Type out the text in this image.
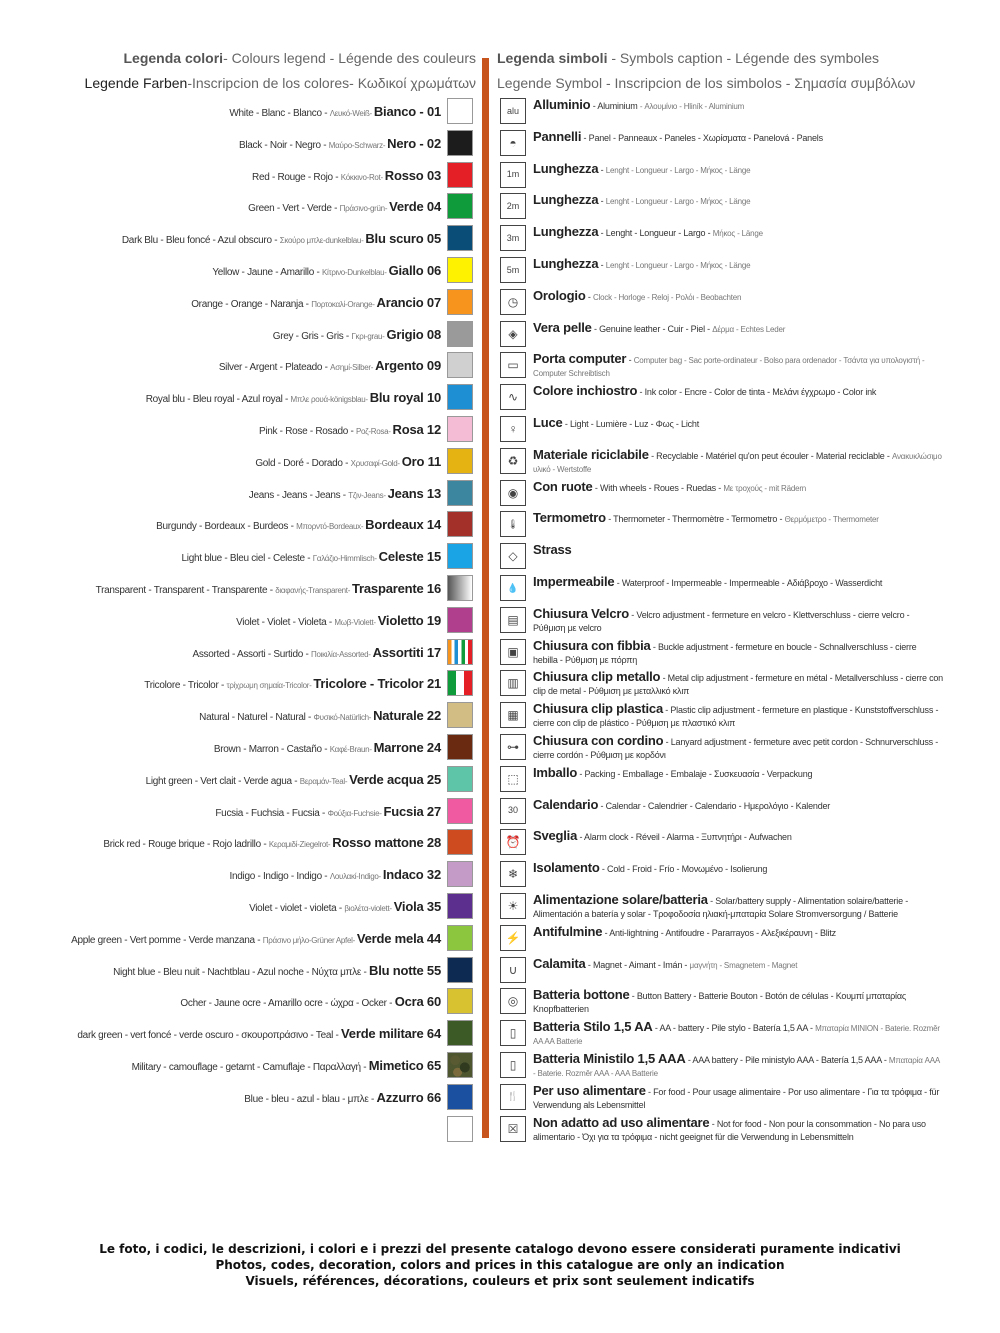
Legenda colori- Colours legend - Légende des couleurs
Legende Farben-Inscripcion de los colores- Κωδικοί χρωμάτων
Legenda simboli - Symbols caption - Légende des symboles
Legende Symbol - Inscripcion de los simbolos - Σημασία συμβόλων
White - Blanc - Blanco - Λευκό-Weiß- Bianco - 01
Black - Noir - Negro - Μαύρο-Schwarz- Nero - 02
Red - Rouge - Rojo - Κόκκινο-Rot- Rosso 03
Green - Vert - Verde - Πράσινο-grün- Verde 04
Dark Blu - Bleu foncé - Azul obscuro - Σκούρο μπλε-dunkelblau- Blu scuro 05
Yellow - Jaune - Amarillo - Κίτρινο-Dunkelblau- Giallo 06
Orange - Orange - Naranja - Πορτοκαλί-Orange- Arancio 07
Grey - Gris - Gris - Γκρι-grau- Grigio 08
Silver - Argent - Plateado - Ασημί-Silber- Argento 09
Royal blu - Bleu royal - Azul royal - Μπλε ρουά-königsblau- Blu royal 10
Pink - Rose - Rosado - Ροζ-Rosa- Rosa 12
Gold - Doré - Dorado - Χρυσαφί-Gold- Oro 11
Jeans - Jeans - Jeans - Τζιν-Jeans- Jeans 13
Burgundy - Bordeaux - Burdeos - Μπορντό-Bordeaux- Bordeaux 14
Light blue - Bleu ciel - Celeste - Γαλάζιο-Himmlisch- Celeste 15
Transparent - Transparent - Transparente - διαφανής-Transparent- Trasparente 16
Violet - Violet - Violeta - Μωβ-Violett- Violetto 19
Assorted - Assorti - Surtido - Ποικιλία-Assorted- Assortiti 17
Tricolore - Tricolor - τρίχρωμη σημαία-Tricolor- Tricolore - Tricolor 21
Natural - Naturel - Natural - Φυσικό-Natürlich- Naturale 22
Brown - Marron - Castaño - Καφέ-Braun- Marrone 24
Light green - Vert clait - Verde agua - Βεραμάν-Teal- Verde acqua 25
Fucsia - Fuchsia - Fucsia - Φούξια-Fuchsie- Fucsia 27
Brick red - Rouge brique - Rojo ladrillo - Κεραμιδί-Ziegelrot- Rosso mattone 28
Indigo - Indigo - Indigo - Λουλακί-Indigo- Indaco 32
Violet - violet - violeta - βιολέτα-violett- Viola 35
Apple green - Vert pomme - Verde manzana - Πράσινο μήλο-Grüner Apfel- Verde mela 44
Night blue - Bleu nuit - Nachtblau - Azul noche - Νύχτα μπλε - Blu notte 55
Ocher - Jaune ocre - Amarillo ocre - ώχρα - Ocker - Ocra 60
dark green - vert foncé - verde oscuro - σκουροπράσινο - Teal - Verde militare 64
Military - camouflage - getarnt - Camuflaje - Παραλλαγή - Mimetico 65
Blue - bleu - azul - blau - μπλε - Azzurro 66
alu	Alluminio - Aluminium - Αλουμίνιο - Hliník - Aluminium
◓	Pannelli - Panel - Panneaux - Paneles - Χωρίσματα - Panelová - Panels
1m	Lunghezza - Lenght - Longueur - Largo - Μήκος - Länge
2m	Lunghezza - Lenght - Longueur - Largo - Μήκος - Länge
3m	Lunghezza - Lenght - Longueur - Largo - Μήκος - Länge
5m	Lunghezza - Lenght - Longueur - Largo - Μήκος - Länge
◷	Orologio - Clock - Horloge - Reloj - Ρολόι - Beobachten
◈	Vera pelle - Genuine leather - Cuir - Piel - Δέρμα - Echtes Leder
▭	Porta computer - Computer bag - Sac porte-ordinateur - Bolso para ordenador - Τσάντα για υπολογιστή - Computer Schreibtisch
∿	Colore inchiostro - Ink color - Encre - Color de tinta - Μελάνι έγχρωμο - Color ink
♀	Luce - Light - Lumière - Luz - Φως - Licht
♻	Materiale riciclabile - Recyclable - Matériel qu'on peut écouler - Material reciclable - Ανακυκλώσιμο υλικό - Wertstoffe
◉	Con ruote - With wheels - Roues - Ruedas - Με τροχούς - mit Rädern
🌡	Termometro - Thermometer - Thermomètre - Termometro - Θερμόμετρο - Thermometer
◇	Strass
💧	Impermeabile - Waterproof - Impermeable - Impermeable - Αδιάβροχο - Wasserdicht
▤	Chiusura Velcro - Velcro adjustment - fermeture en velcro - Klettverschluss - cierre velcro - Ρύθμιση με velcro
▣	Chiusura con fibbia - Buckle adjustment - fermeture en boucle - Schnallverschluss - cierre hebilla - Ρύθμιση με πόρπη
▥	Chiusura clip metallo - Metal clip adjustment - fermeture en métal - Metallverschluss - cierre con clip de metal - Ρύθμιση με μεταλλικό κλιπ
▦	Chiusura clip plastica - Plastic clip adjustment - fermeture en plastique - Kunststoffverschluss - cierre con clip de plástico - Ρύθμιση με πλαστικό κλιπ
⊶	Chiusura con cordino - Lanyard adjustment - fermeture avec petit cordon - Schnurverschluss - cierre cordón - Ρύθμιση με κορδόνι
⬚	Imballo - Packing - Emballage - Embalaje - Συσκευασία - Verpackung
30	Calendario - Calendar - Calendrier - Calendario - Ημερολόγιο - Kalender
⏰ Sveglia - Alarm clock - Réveil - Alarma - Ξυπνητήρι - Aufwachen
❄	Isolamento - Cold - Froid - Frío - Μονωμένο - Isolierung
☀	Alimentazione solare/batteria - Solar/battery supply - Alimentation solaire/batterie - Alimentación a batería y solar - Τροφοδοσία ηλιακή-μπαταρία Solare Stromversorgung / Batterie
⚡ Antifulmine - Anti-lightning - Antifoudre - Pararrayos - Αλεξικέραυνη - Blitz
∪	Calamita - Magnet - Aimant - Imán - μαγνήτη - Smagnetem - Magnet
◎	Batteria bottone - Button Battery - Batterie Bouton - Botón de células - Κουμπί μπαταρίας Knopfbatterien
▯	Batteria Stilo 1,5 AA - AA - battery - Pile stylo - Batería 1,5 AA - Μπαταρία MINION - Baterie. Rozměr AA AA Batterie
▯	Batteria Ministilo 1,5 AAA - AAA battery - Pile ministylo AAA - Batería 1,5 AAA - Μπαταρία AAA - Baterie. Rozměr AAA - AAA Batterie
🍴	Per uso alimentare - For food - Pour usage alimentaire - Por uso alimentare - Για τα τρόφιμα - für Verwendung als Lebensmittel
☒	Non adatto ad uso alimentare - Not for food - Non pour la consommation - No para uso alimentario - Όχι για τα τρόφιμα - nicht geeignet für die Verwendung in Lebensmitteln
Le foto, i codici, le descrizioni, i colori e i prezzi del presente catalogo devono essere considerati puramente indicativi
Photos, codes, decoration, colors and prices in this catalogue are only an indication
Visuels, références, décorations, couleurs et prix sont seulement indicatifs
